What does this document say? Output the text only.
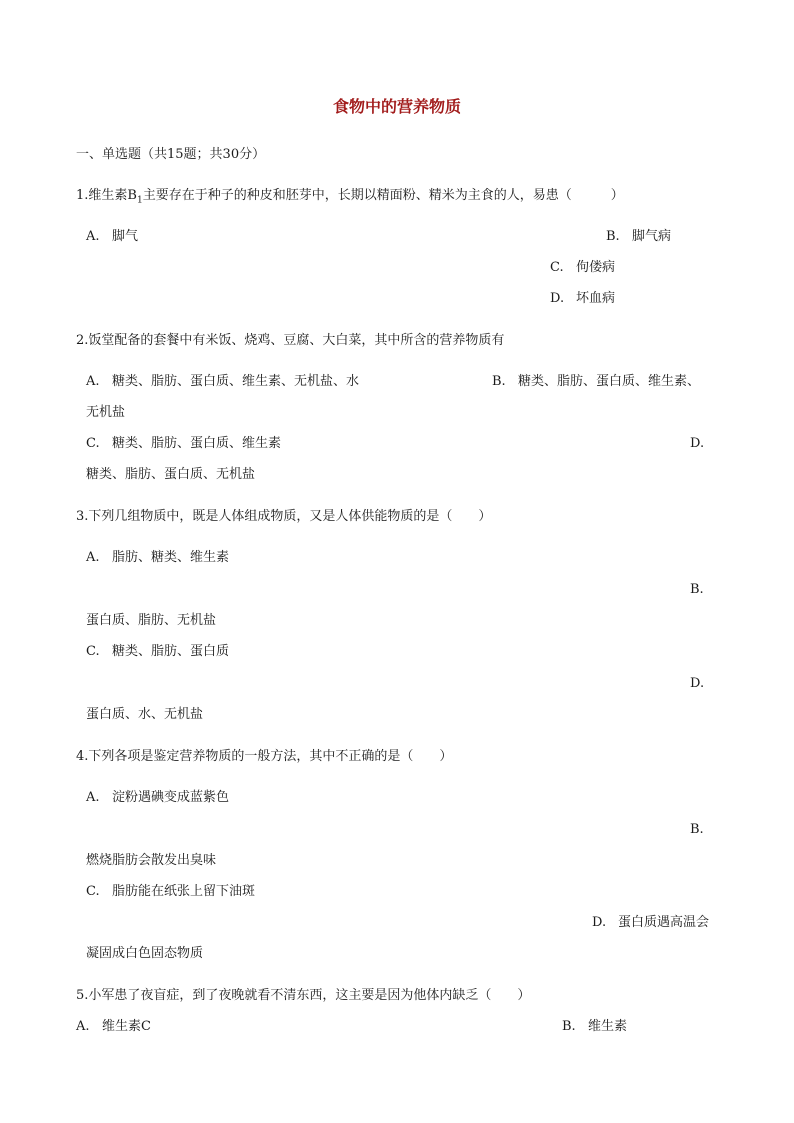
食物中的营养物质
一、单选题（共15题；共30分）
1.维生素$B_1$主要存在于种子的种皮和胚芽中，长期以精面粉、精米为主食的人，易患（　　　）
A. 脚气	B. 脚气病
C. 佝偻病
D. 坏血病
2.饭堂配备的套餐中有米饭、烧鸡、豆腐、大白菜，其中所含的营养物质有
A. 糖类、脂肪、蛋白质、维生素、无机盐、水	B. 糖类、脂肪、蛋白质、维生素、
无机盐
C. 糖类、脂肪、蛋白质、维生素	D.
糖类、脂肪、蛋白质、无机盐
3.下列几组物质中，既是人体组成物质，又是人体供能物质的是（　　）
A. 脂肪、糖类、维生素
B.
蛋白质、脂肪、无机盐
C. 糖类、脂肪、蛋白质
D.
蛋白质、水、无机盐
4.下列各项是鉴定营养物质的一般方法，其中不正确的是（　　）
A. 淀粉遇碘变成蓝紫色
B.
燃烧脂肪会散发出臭味
C. 脂肪能在纸张上留下油斑
D. 蛋白质遇高温会
凝固成白色固态物质
5.小军患了夜盲症，到了夜晚就看不清东西，这主要是因为他体内缺乏（　　）
A. 维生素C	B. 维生素
